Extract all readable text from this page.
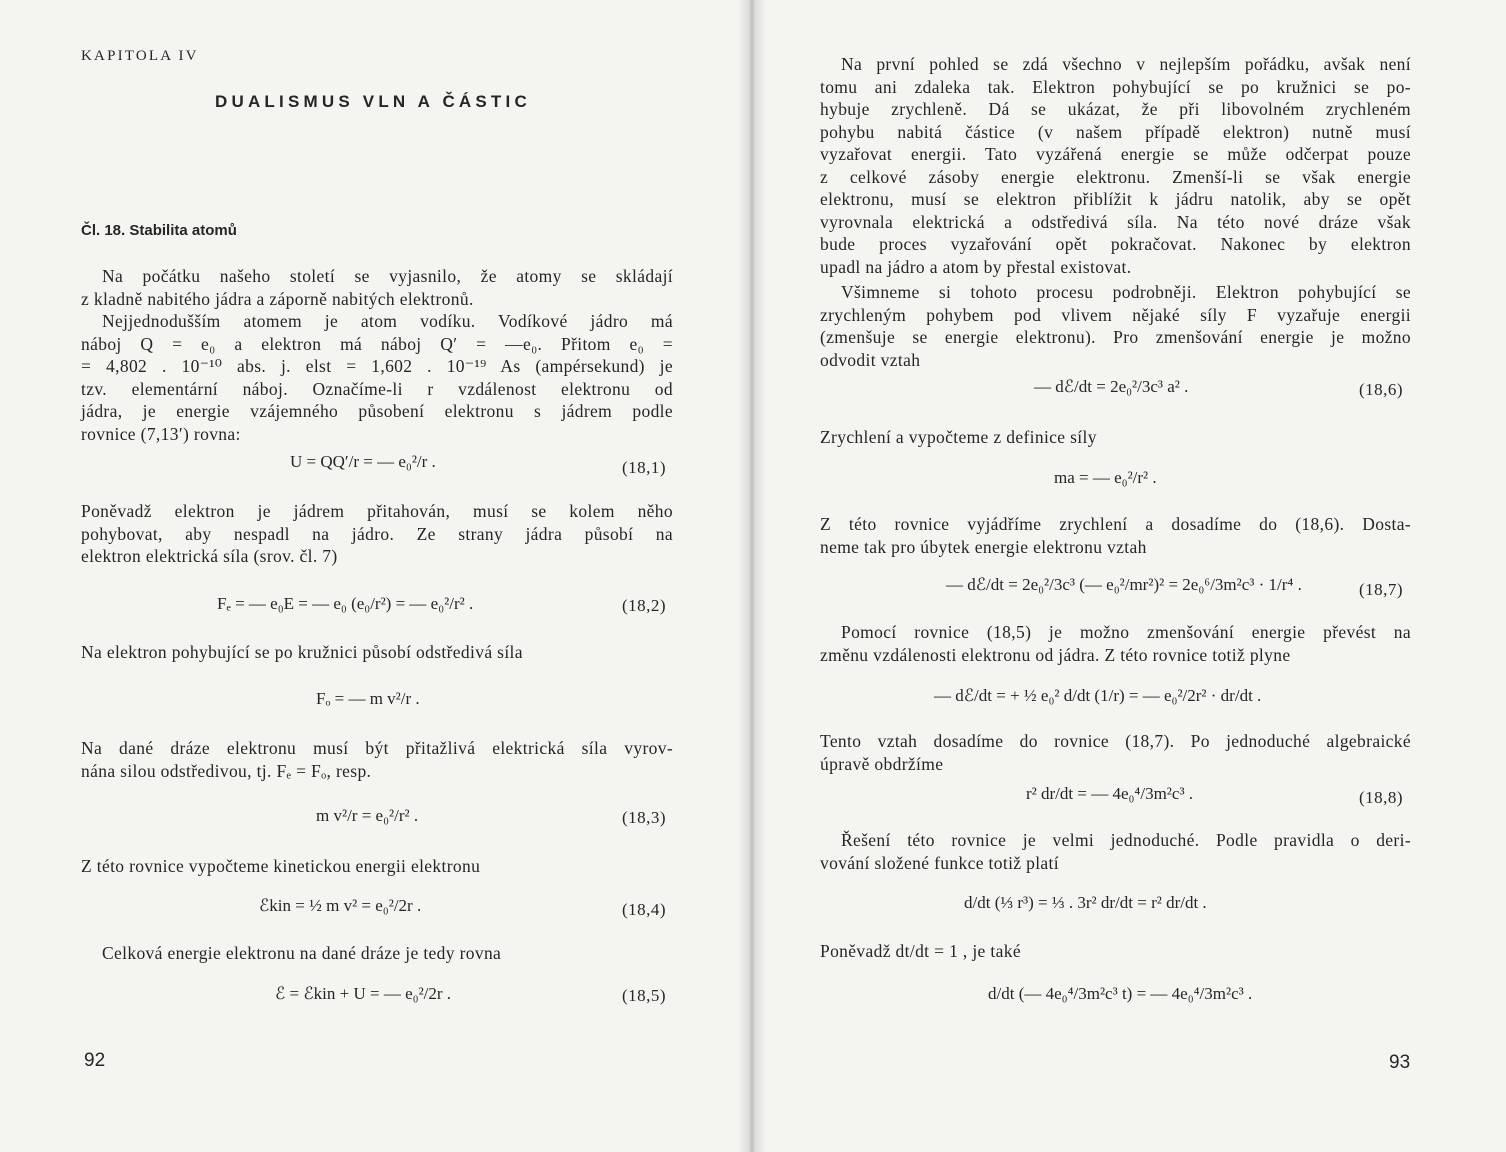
KAPITOLA IV
DUALISMUS VLN A ČÁSTIC
Čl. 18. Stabilita atomů
Na počátku našeho století se vyjasnilo, že atomy se skládají
z kladně nabitého jádra a záporně nabitých elektronů.
Nejjednodušším atomem je atom vodíku. Vodíkové jádro má
náboj Q = e₀ a elektron má náboj Q′ = —e₀. Přitom e₀ =
= 4,802 . 10⁻¹⁰ abs. j. elst = 1,602 . 10⁻¹⁹ As (ampérsekund) je
tzv. elementární náboj. Označíme-li r vzdálenost elektronu od
jádra, je energie vzájemného působení elektronu s jádrem podle
rovnice (7,13′) rovna:
U = QQ′/r = — e₀²/r .	(18,1)
Poněvadž elektron je jádrem přitahován, musí se kolem něho
pohybovat, aby nespadl na jádro. Ze strany jádra působí na
elektron elektrická síla (srov. čl. 7)
Fₑ = — e₀E = — e₀ (e₀/r²) = — e₀²/r² .	(18,2)
Na elektron pohybující se po kružnici působí odstředivá síla
Fₒ = — m v²/r .
Na dané dráze elektronu musí být přitažlivá elektrická síla vyrov-
nána silou odstředivou, tj. Fₑ = Fₒ, resp.
m v²/r = e₀²/r² .	(18,3)
Z této rovnice vypočteme kinetickou energii elektronu
ℰkin = ½ m v² = e₀²/2r .	(18,4)
Celková energie elektronu na dané dráze je tedy rovna
ℰ = ℰkin + U = — e₀²/2r .	(18,5)
92
Na první pohled se zdá všechno v nejlepším pořádku, avšak není
tomu ani zdaleka tak. Elektron pohybující se po kružnici se po-
hybuje zrychleně. Dá se ukázat, že při libovolném zrychleném
pohybu nabitá částice (v našem případě elektron) nutně musí
vyzařovat energii. Tato vyzářená energie se může odčerpat pouze
z celkové zásoby energie elektronu. Zmenší-li se však energie
elektronu, musí se elektron přiblížit k jádru natolik, aby se opět
vyrovnala elektrická a odstředivá síla. Na této nové dráze však
bude proces vyzařování opět pokračovat. Nakonec by elektron
upadl na jádro a atom by přestal existovat.
Všimneme si tohoto procesu podrobněji. Elektron pohybující se
zrychleným pohybem pod vlivem nějaké síly F vyzařuje energii
(zmenšuje se energie elektronu). Pro zmenšování energie je možno
odvodit vztah
— dℰ/dt = 2e₀²/3c³ a² .	(18,6)
Zrychlení a vypočteme z definice síly
ma = — e₀²/r² .
Z této rovnice vyjádříme zrychlení a dosadíme do (18,6). Dosta-
neme tak pro úbytek energie elektronu vztah
— dℰ/dt = 2e₀²/3c³ (— e₀²/mr²)² = 2e₀⁶/3m²c³ · 1/r⁴ .	(18,7)
Pomocí rovnice (18,5) je možno zmenšování energie převést na
změnu vzdálenosti elektronu od jádra. Z této rovnice totiž plyne
— dℰ/dt = + ½ e₀² d/dt (1/r) = — e₀²/2r² · dr/dt .
Tento vztah dosadíme do rovnice (18,7). Po jednoduché algebraické
úpravě obdržíme
r² dr/dt = — 4e₀⁴/3m²c³ .	(18,8)
Řešení této rovnice je velmi jednoduché. Podle pravidla o deri-
vování složené funkce totiž platí
d/dt (⅓ r³) = ⅓ . 3r² dr/dt = r² dr/dt .
Poněvadž dt/dt = 1 , je také
d/dt (— 4e₀⁴/3m²c³ t) = — 4e₀⁴/3m²c³ .
93
